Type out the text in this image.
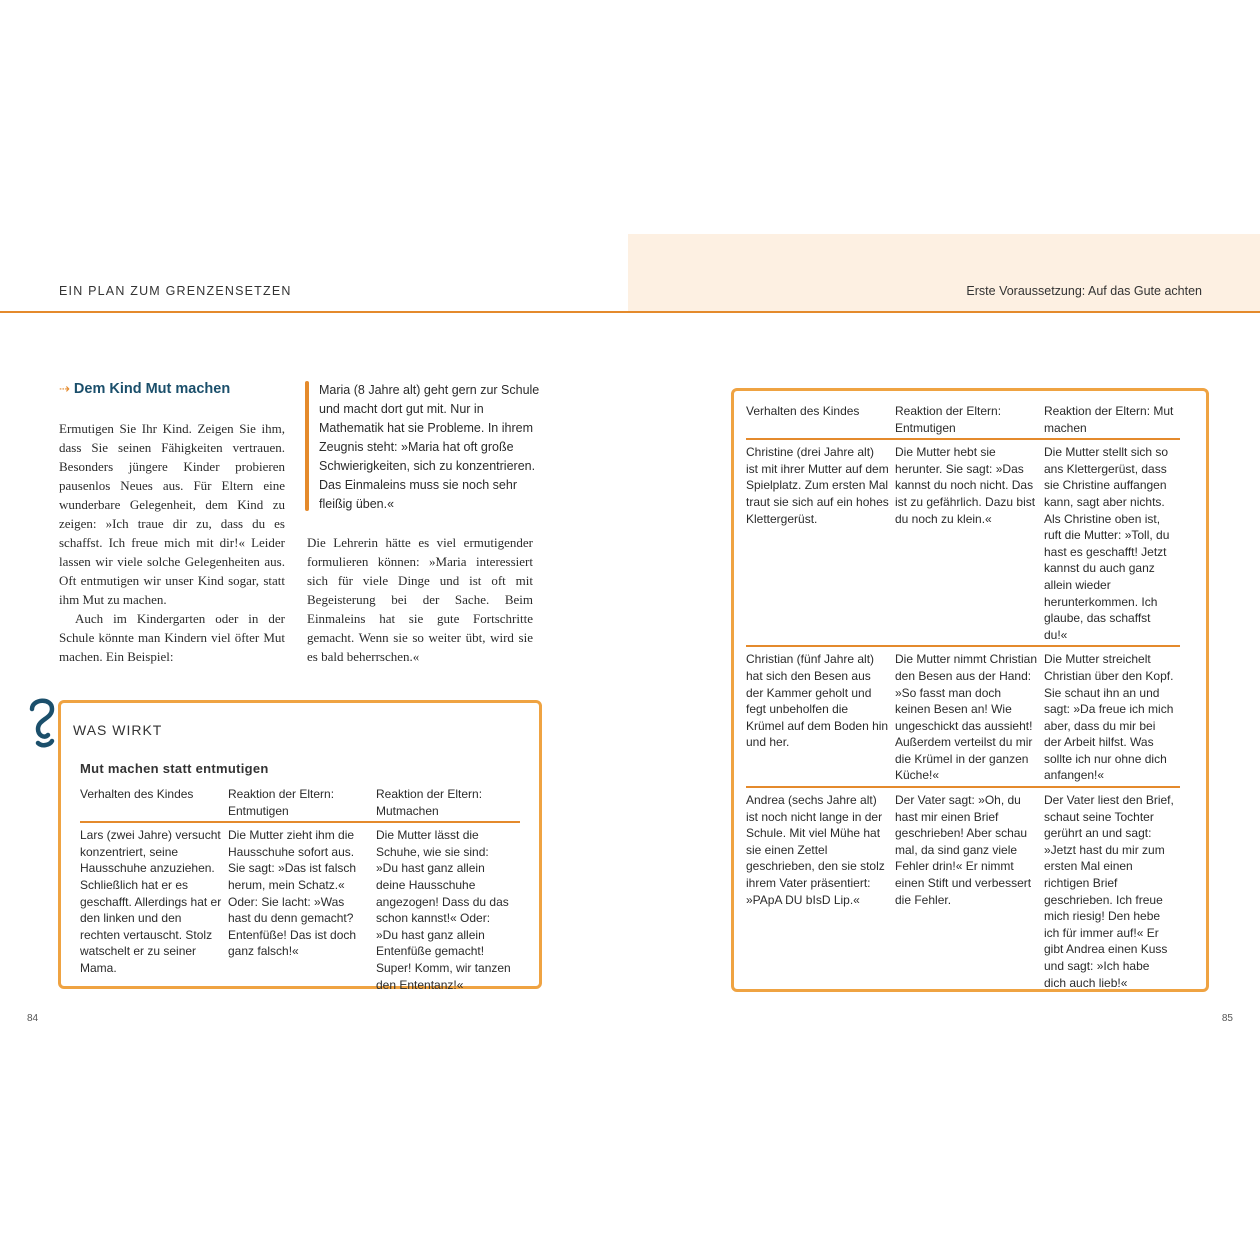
EIN PLAN ZUM GRENZENSETZEN	Erste Voraussetzung: Auf das Gute achten
⇢ Dem Kind Mut machen

Ermutigen Sie Ihr Kind. Zeigen Sie ihm, dass Sie seinen Fähigkeiten vertrauen. Besonders jüngere Kinder probieren pausenlos Neues aus. Für Eltern eine wunderbare Gelegenheit, dem Kind zu zeigen: »Ich traue dir zu, dass du es schaffst. Ich freue mich mit dir!« Leider lassen wir viele solche Gelegenheiten aus. Oft entmutigen wir unser Kind sogar, statt ihm Mut zu machen.

Auch im Kindergarten oder in der Schule könnte man Kindern viel öfter Mut machen. Ein Beispiel:

Maria (8 Jahre alt) geht gern zur Schule und macht dort gut mit. Nur in Mathematik hat sie Probleme. In ihrem Zeugnis steht: »Maria hat oft große Schwierigkeiten, sich zu konzentrieren. Das Einmaleins muss sie noch sehr fleißig üben.«

Die Lehrerin hätte es viel ermutigender formulieren können: »Maria interessiert sich für viele Dinge und ist oft mit Begeisterung bei der Sache. Beim Einmaleins hat sie gute Fortschritte gemacht. Wenn sie so weiter übt, wird sie es bald beherrschen.«

WAS WIRKT
Mut machen statt entmutigen
Verhalten des Kindes	Reaktion der Eltern: Entmutigen	Reaktion der Eltern: Mutmachen
Lars (zwei Jahre) versucht konzentriert, seine Hausschuhe anzuziehen. Schließlich hat er es geschafft. Allerdings hat er den linken und den rechten vertauscht. Stolz watschelt er zu seiner Mama.	Die Mutter zieht ihm die Hausschuhe sofort aus. Sie sagt: »Das ist falsch herum, mein Schatz.« Oder: Sie lacht: »Was hast du denn gemacht? Entenfüße! Das ist doch ganz falsch!«	Die Mutter lässt die Schuhe, wie sie sind: »Du hast ganz allein deine Hausschuhe angezogen! Dass du das schon kannst!« Oder: »Du hast ganz allein Entenfüße gemacht! Super! Komm, wir tanzen den Ententanz!«
Verhalten des Kindes	Reaktion der Eltern: Entmutigen	Reaktion der Eltern: Mut machen
Christine (drei Jahre alt) ist mit ihrer Mutter auf dem Spielplatz. Zum ersten Mal traut sie sich auf ein hohes Klettergerüst.	Die Mutter hebt sie herunter. Sie sagt: »Das kannst du noch nicht. Das ist zu gefährlich. Dazu bist du noch zu klein.«	Die Mutter stellt sich so ans Klettergerüst, dass sie Christine auffangen kann, sagt aber nichts. Als Christine oben ist, ruft die Mutter: »Toll, du hast es geschafft! Jetzt kannst du auch ganz allein wieder herunterkommen. Ich glaube, das schaffst du!«
Christian (fünf Jahre alt) hat sich den Besen aus der Kammer geholt und fegt unbeholfen die Krümel auf dem Boden hin und her.	Die Mutter nimmt Christian den Besen aus der Hand: »So fasst man doch keinen Besen an! Wie ungeschickt das aussieht! Außerdem verteilst du mir die Krümel in der ganzen Küche!«	Die Mutter streichelt Christian über den Kopf. Sie schaut ihn an und sagt: »Da freue ich mich aber, dass du mir bei der Arbeit hilfst. Was sollte ich nur ohne dich anfangen!«
Andrea (sechs Jahre alt) ist noch nicht lange in der Schule. Mit viel Mühe hat sie einen Zettel geschrieben, den sie stolz ihrem Vater präsentiert: »PApA DU bIsD Lip.«	Der Vater sagt: »Oh, du hast mir einen Brief geschrieben! Aber schau mal, da sind ganz viele Fehler drin!« Er nimmt einen Stift und verbessert die Fehler.	Der Vater liest den Brief, schaut seine Tochter gerührt an und sagt: »Jetzt hast du mir zum ersten Mal einen richtigen Brief geschrieben. Ich freue mich riesig! Den hebe ich für immer auf!« Er gibt Andrea einen Kuss und sagt: »Ich habe dich auch lieb!«
84	85
